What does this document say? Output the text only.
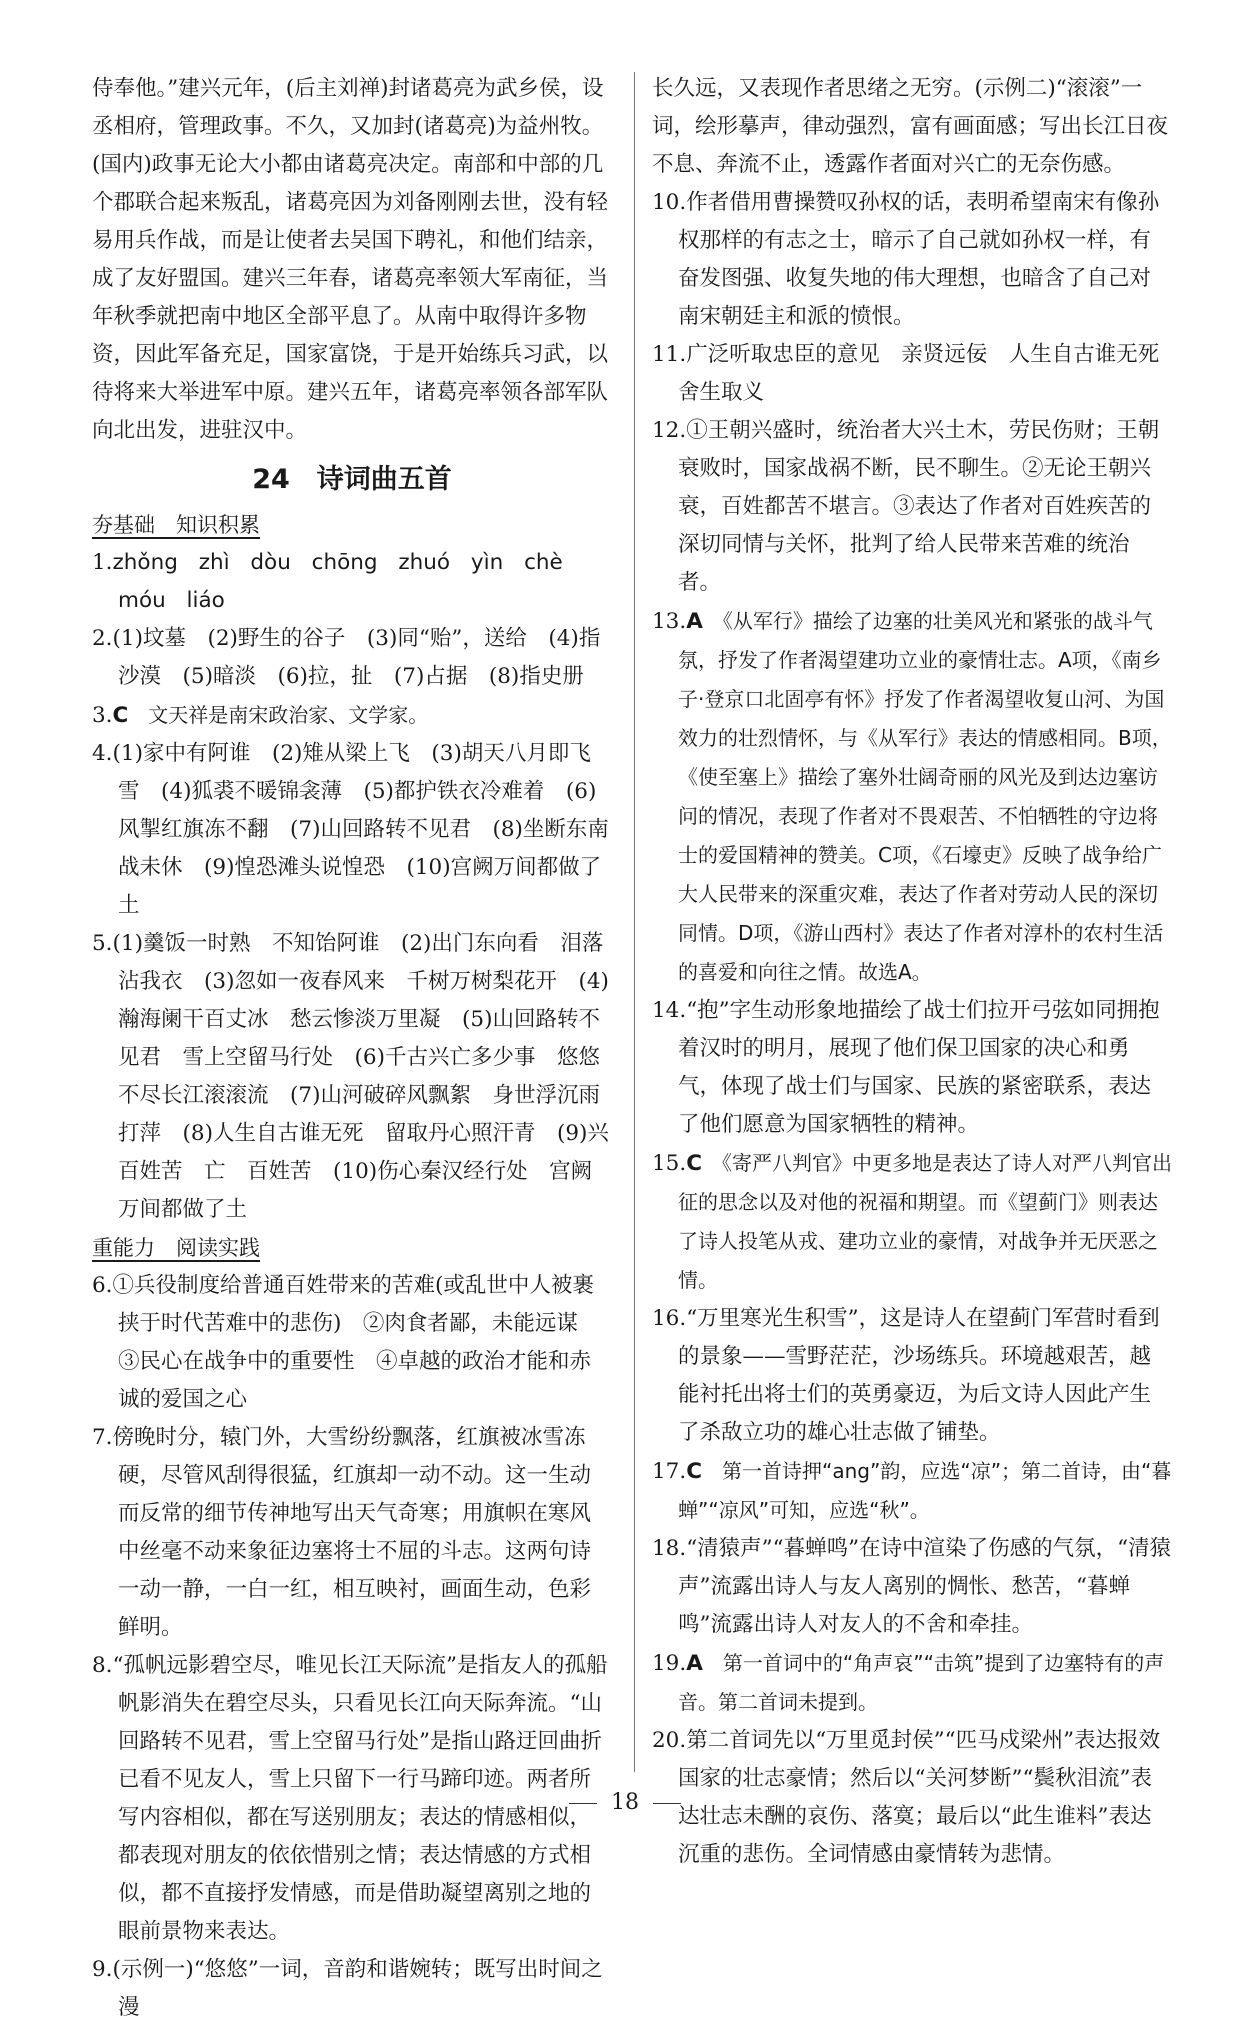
侍奉他。”建兴元年，(后主刘禅)封诸葛亮为武乡侯，设丞相府，管理政事。不久，又加封(诸葛亮)为益州牧。(国内)政事无论大小都由诸葛亮决定。南部和中部的几个郡联合起来叛乱，诸葛亮因为刘备刚刚去世，没有轻易用兵作战，而是让使者去吴国下聘礼，和他们结亲，成了友好盟国。建兴三年春，诸葛亮率领大军南征，当年秋季就把南中地区全部平息了。从南中取得许多物资，因此军备充足，国家富饶，于是开始练兵习武，以待将来大举进军中原。建兴五年，诸葛亮率领各部军队向北出发，进驻汉中。

24　诗词曲五首
夯基础　知识积累

1.zhǒng zhì dòu chōng zhuó yìn chè móu liáo

2.(1)坟墓　(2)野生的谷子　(3)同“贻”，送给　(4)指沙漠　(5)暗淡　(6)拉，扯　(7)占据　(8)指史册

3.C　文天祥是南宋政治家、文学家。

4.(1)家中有阿谁　(2)雉从梁上飞　(3)胡天八月即飞雪　(4)狐裘不暖锦衾薄　(5)都护铁衣冷难着　(6)风掣红旗冻不翻　(7)山回路转不见君　(8)坐断东南战未休　(9)惶恐滩头说惶恐　(10)宫阙万间都做了土

5.(1)羹饭一时熟　不知饴阿谁　(2)出门东向看　泪落沾我衣　(3)忽如一夜春风来　千树万树梨花开　(4)瀚海阑干百丈冰　愁云惨淡万里凝　(5)山回路转不见君　雪上空留马行处　(6)千古兴亡多少事　悠悠　不尽长江滚滚流　(7)山河破碎风飘絮　身世浮沉雨打萍　(8)人生自古谁无死　留取丹心照汗青　(9)兴　百姓苦　亡　百姓苦　(10)伤心秦汉经行处　宫阙万间都做了土

重能力　阅读实践

6.①兵役制度给普通百姓带来的苦难(或乱世中人被裹挟于时代苦难中的悲伤)　②肉食者鄙，未能远谋　③民心在战争中的重要性　④卓越的政治才能和赤诚的爱国之心

7.傍晚时分，辕门外，大雪纷纷飘落，红旗被冰雪冻硬，尽管风刮得很猛，红旗却一动不动。这一生动而反常的细节传神地写出天气奇寒；用旗帜在寒风中丝毫不动来象征边塞将士不屈的斗志。这两句诗一动一静，一白一红，相互映衬，画面生动，色彩鲜明。

8.“孤帆远影碧空尽，唯见长江天际流”是指友人的孤船帆影消失在碧空尽头，只看见长江向天际奔流。“山回路转不见君，雪上空留马行处”是指山路迂回曲折已看不见友人，雪上只留下一行马蹄印迹。两者所写内容相似，都在写送别朋友；表达的情感相似，都表现对朋友的依依惜别之情；表达情感的方式相似，都不直接抒发情感，而是借助凝望离别之地的眼前景物来表达。

9.(示例一)“悠悠”一词，音韵和谐婉转；既写出时间之漫

长久远，又表现作者思绪之无穷。(示例二)“滚滚”一词，绘形摹声，律动强烈，富有画面感；写出长江日夜不息、奔流不止，透露作者面对兴亡的无奈伤感。

10.作者借用曹操赞叹孙权的话，表明希望南宋有像孙权那样的有志之士，暗示了自己就如孙权一样，有奋发图强、收复失地的伟大理想，也暗含了自己对南宋朝廷主和派的愤恨。

11.广泛听取忠臣的意见　亲贤远佞　人生自古谁无死　舍生取义

12.①王朝兴盛时，统治者大兴土木，劳民伤财；王朝衰败时，国家战祸不断，民不聊生。②无论王朝兴衰，百姓都苦不堪言。③表达了作者对百姓疾苦的深切同情与关怀，批判了给人民带来苦难的统治者。

13.A　《从军行》描绘了边塞的壮美风光和紧张的战斗气氛，抒发了作者渴望建功立业的豪情壮志。A项，《南乡子·登京口北固亭有怀》抒发了作者渴望收复山河、为国效力的壮烈情怀，与《从军行》表达的情感相同。B项，《使至塞上》描绘了塞外壮阔奇丽的风光及到达边塞访问的情况，表现了作者对不畏艰苦、不怕牺牲的守边将士的爱国精神的赞美。C项，《石壕吏》反映了战争给广大人民带来的深重灾难，表达了作者对劳动人民的深切同情。D项，《游山西村》表达了作者对淳朴的农村生活的喜爱和向往之情。故选A。

14.“抱”字生动形象地描绘了战士们拉开弓弦如同拥抱着汉时的明月，展现了他们保卫国家的决心和勇气，体现了战士们与国家、民族的紧密联系，表达了他们愿意为国家牺牲的精神。

15.C　《寄严八判官》中更多地是表达了诗人对严八判官出征的思念以及对他的祝福和期望。而《望蓟门》则表达了诗人投笔从戎、建功立业的豪情，对战争并无厌恶之情。

16.“万里寒光生积雪”，这是诗人在望蓟门军营时看到的景象——雪野茫茫，沙场练兵。环境越艰苦，越能衬托出将士们的英勇豪迈，为后文诗人因此产生了杀敌立功的雄心壮志做了铺垫。

17.C　第一首诗押“ang”韵，应选“凉”；第二首诗，由“暮蝉”“凉风”可知，应选“秋”。

18.“清猿声”“暮蝉鸣”在诗中渲染了伤感的气氛，“清猿声”流露出诗人与友人离别的惆怅、愁苦，“暮蝉鸣”流露出诗人对友人的不舍和牵挂。

19.A　第一首词中的“角声哀”“击筑”提到了边塞特有的声音。第二首词未提到。

20.第二首词先以“万里觅封侯”“匹马戍梁州”表达报效国家的壮志豪情；然后以“关河梦断”“鬓秋泪流”表达壮志未酬的哀伤、落寞；最后以“此生谁料”表达沉重的悲伤。全词情感由豪情转为悲情。

18
